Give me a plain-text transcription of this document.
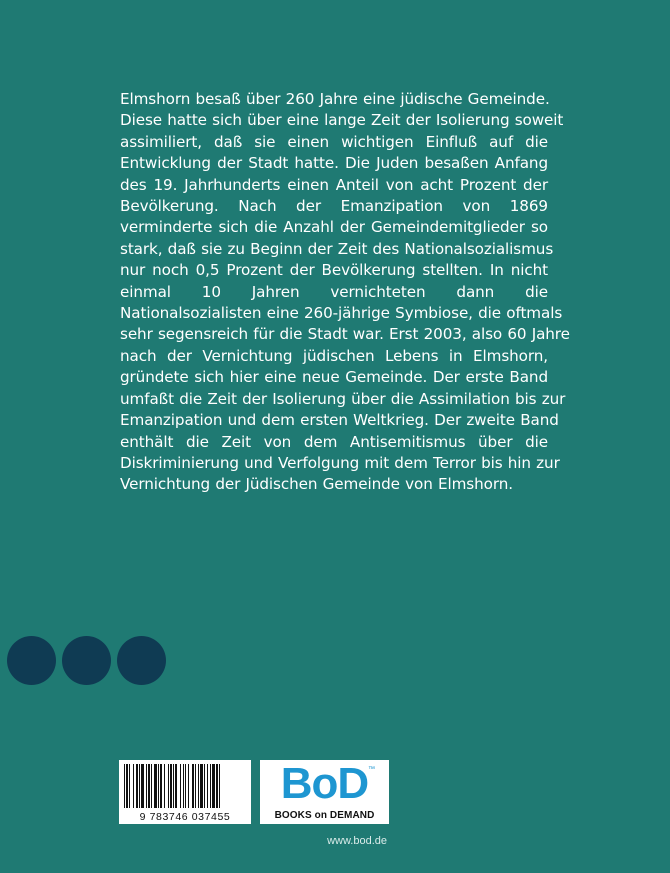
Elmshorn besaß über 260 Jahre eine jüdische Gemeinde.
Diese hatte sich über eine lange Zeit der Isolierung soweit
assimiliert, daß sie einen wichtigen Einfluß auf die
Entwicklung der Stadt hatte. Die Juden besaßen Anfang
des 19. Jahrhunderts einen Anteil von acht Prozent der
Bevölkerung. Nach der Emanzipation von 1869
verminderte sich die Anzahl der Gemeindemitglieder so
stark, daß sie zu Beginn der Zeit des Nationalsozialismus
nur noch 0,5 Prozent der Bevölkerung stellten. In nicht
einmal 10 Jahren vernichteten dann die
Nationalsozialisten eine 260-jährige Symbiose, die oftmals
sehr segensreich für die Stadt war. Erst 2003, also 60 Jahre
nach der Vernichtung jüdischen Lebens in Elmshorn,
gründete sich hier eine neue Gemeinde. Der erste Band
umfaßt die Zeit der Isolierung über die Assimilation bis zur
Emanzipation und dem ersten Weltkrieg. Der zweite Band
enthält die Zeit von dem Antisemitismus über die
Diskriminierung und Verfolgung mit dem Terror bis hin zur
Vernichtung der Jüdischen Gemeinde von Elmshorn.

9 783746 037455
BoD ™
BOOKS on DEMAND
www.bod.de
